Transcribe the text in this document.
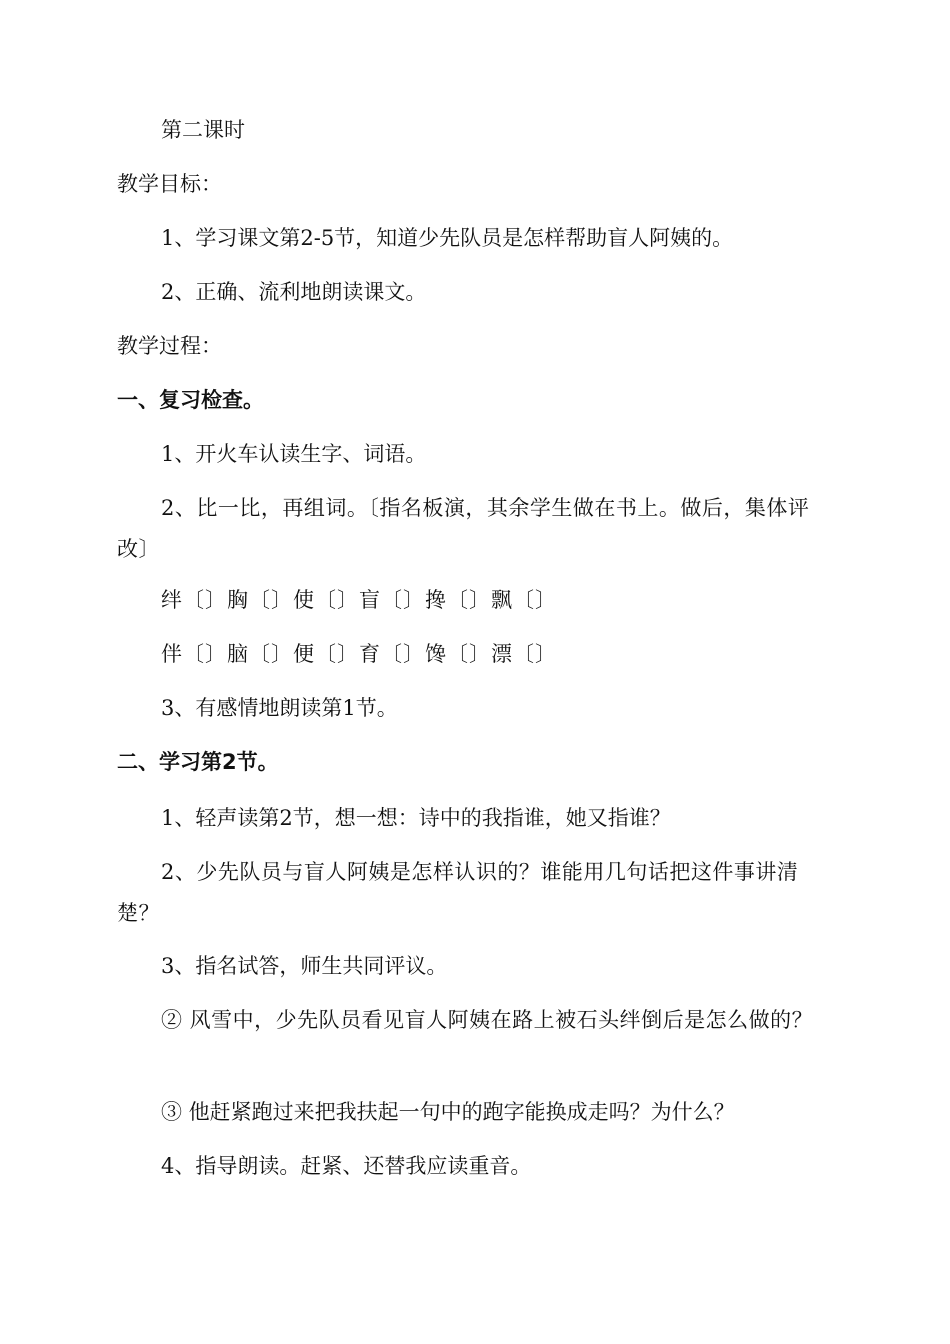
第二课时
教学目标：
1、学习课文第2-5节，知道少先队员是怎样帮助盲人阿姨的。
2、正确、流利地朗读课文。
教学过程：
一、复习检查。
1、开火车认读生字、词语。
2、比一比，再组词。〔指名板演，其余学生做在书上。做后，集体评改〕
绊〔〕胸〔〕使〔〕盲〔〕搀〔〕飘〔〕
伴〔〕脑〔〕便〔〕育〔〕馋〔〕漂〔〕
3、有感情地朗读第1节。
二、学习第2节。
1、轻声读第2节，想一想：诗中的我指谁，她又指谁？
2、少先队员与盲人阿姨是怎样认识的？谁能用几句话把这件事讲清楚？
3、指名试答，师生共同评议。
② 风雪中，少先队员看见盲人阿姨在路上被石头绊倒后是怎么做的？
③ 他赶紧跑过来把我扶起一句中的跑字能换成走吗？为什么？
4、指导朗读。赶紧、还替我应读重音。
